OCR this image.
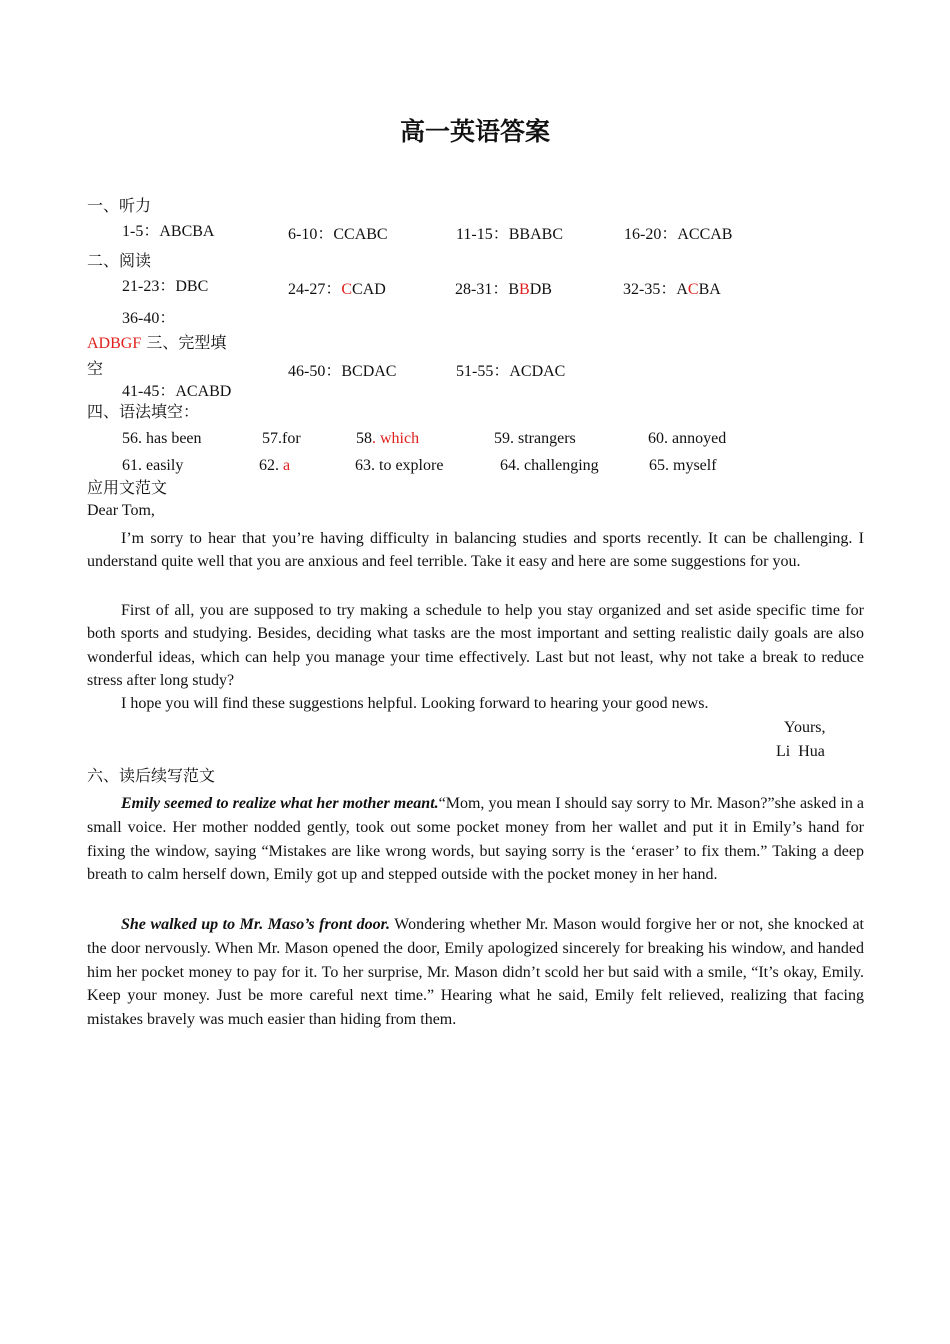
高一英语答案
一、听力
1-5：ABCBA	6-10：CCABC	11-15：BBABC	16-20：ACCAB
二、阅读
21-23：DBC	24-27：CCAD	28-31：BBDB	32-35：ACBA
36-40：
ADBGF 三、完型填
空
41-45：ACABD
46-50：BCDAC	51-55：ACDAC
四、语法填空：
56. has been	57.for	58. which	59. strangers	60. annoyed
61. easily	62. a	63. to explore	64. challenging	65. myself
应用文范文
Dear Tom,
I’m sorry to hear that you’re having difficulty in balancing studies and sports recently. It can be challenging. I understand quite well that you are anxious and feel terrible. Take it easy and here are some suggestions for you.
First of all, you are supposed to try making a schedule to help you stay organized and set aside specific time for both sports and studying. Besides, deciding what tasks are the most important and setting realistic daily goals are also wonderful ideas, which can help you manage your time effectively. Last but not least, why not take a break to reduce stress after long study?
I hope you will find these suggestions helpful. Looking forward to hearing your good news.
Yours,
Li  Hua
六、读后续写范文
Emily seemed to realize what her mother meant.“Mom, you mean I should say sorry to Mr. Mason?”she asked in a small voice. Her mother nodded gently, took out some pocket money from her wallet and put it in Emily’s hand for fixing the window, saying “Mistakes are like wrong words, but saying sorry is the ‘eraser’ to fix them.” Taking a deep breath to calm herself down, Emily got up and stepped outside with the pocket money in her hand.
She walked up to Mr. Maso’s front door. Wondering whether Mr. Mason would forgive her or not, she knocked at the door nervously. When Mr. Mason opened the door, Emily apologized sincerely for breaking his window, and handed him her pocket money to pay for it. To her surprise, Mr. Mason didn’t scold her but said with a smile, “It’s okay, Emily. Keep your money. Just be more careful next time.” Hearing what he said, Emily felt relieved, realizing that facing mistakes bravely was much easier than hiding from them.
